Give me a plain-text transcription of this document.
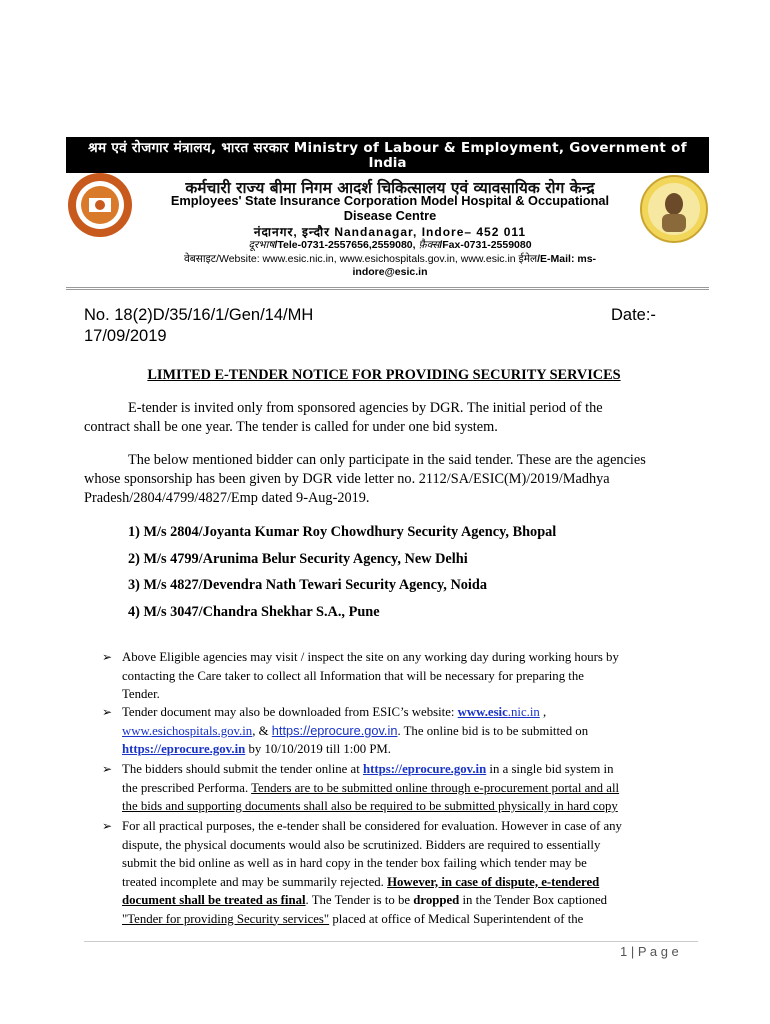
श्रम एवं रोजगार मंत्रालय, भारत सरकार Ministry of Labour & Employment, Government of
India
कर्मचारी राज्य बीमा निगम आदर्श चिकित्सालय एवं व्यावसायिक रोग केन्द्र
Employees' State Insurance Corporation Model Hospital & Occupational
Disease Centre
नंदानगर, इन्दौर Nandanagar, Indore– 452 011
दूरभाष/Tele-0731-2557656,2559080, फ़ैक्स/Fax-0731-2559080
वेबसाइट/Website: www.esic.nic.in, www.esichospitals.gov.in, www.esic.in ईमेल/E-Mail: ms-
indore@esic.in
No. 18(2)D/35/16/1/Gen/14/MH	Date:-
17/09/2019
LIMITED E-TENDER NOTICE FOR PROVIDING SECURITY SERVICES
E-tender is invited only from sponsored agencies by DGR. The initial period of the
contract shall be one year. The tender is called for under one bid system.
The below mentioned bidder can only participate in the said tender. These are the agencies
whose sponsorship has been given by DGR vide letter no. 2112/SA/ESIC(M)/2019/Madhya
Pradesh/2804/4799/4827/Emp dated 9-Aug-2019.
1) M/s 2804/Joyanta Kumar Roy Chowdhury Security Agency, Bhopal
2) M/s 4799/Arunima Belur Security Agency, New Delhi
3) M/s 4827/Devendra Nath Tewari Security Agency, Noida
4) M/s 3047/Chandra Shekhar S.A., Pune
➢ Above Eligible agencies may visit / inspect the site on any working day during working hours by
contacting the Care taker to collect all Information that will be necessary for preparing the
Tender.
➢ Tender document may also be downloaded from ESIC’s website: www.esic.nic.in ,
www.esichospitals.gov.in, & https://eprocure.gov.in. The online bid is to be submitted on
https://eprocure.gov.in by 10/10/2019 till 1:00 PM.
➢ The bidders should submit the tender online at https://eprocure.gov.in in a single bid system in
the prescribed Performa. Tenders are to be submitted online through e-procurement portal and all
the bids and supporting documents shall also be required to be submitted physically in hard copy
➢ For all practical purposes, the e-tender shall be considered for evaluation. However in case of any
dispute, the physical documents would also be scrutinized. Bidders are required to essentially
submit the bid online as well as in hard copy in the tender box failing which tender may be
treated incomplete and may be summarily rejected. However, in case of dispute, e-tendered
document shall be treated as final. The Tender is to be dropped in the Tender Box captioned
"Tender for providing Security services" placed at office of Medical Superintendent of the
1 | P a g e
